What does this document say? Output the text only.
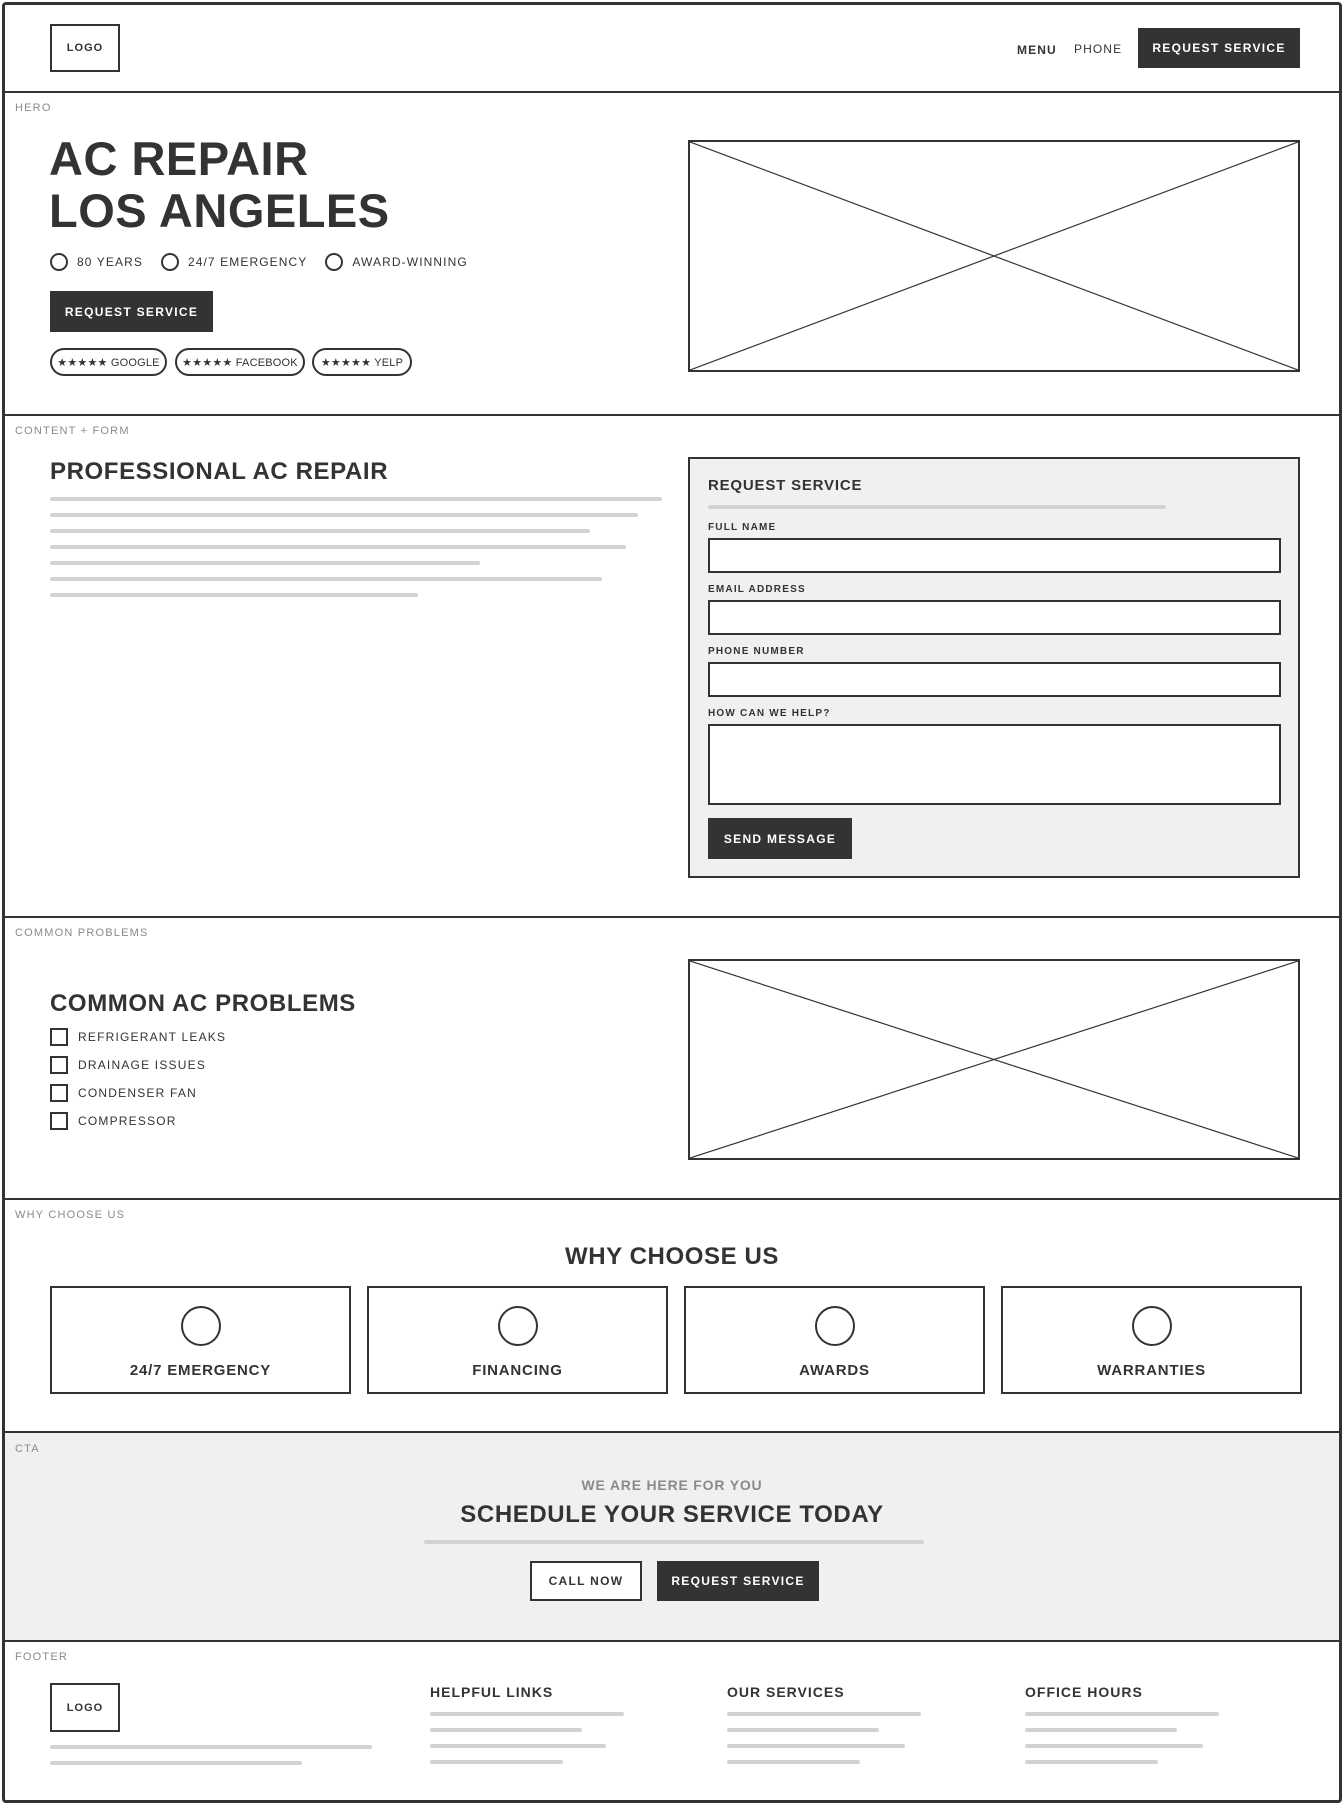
LOGO	MENU PHONE	REQUEST SERVICE
HERO
AC REPAIR
LOS ANGELES
80 YEARS	24/7 EMERGENCY	AWARD-WINNING
REQUEST SERVICE
★★★★★ GOOGLE	★★★★★ FACEBOOK	★★★★★ YELP
CONTENT + FORM
PROFESSIONAL AC REPAIR
REQUEST SERVICE
FULL NAME
EMAIL ADDRESS
PHONE NUMBER
HOW CAN WE HELP?
SEND MESSAGE
COMMON PROBLEMS
COMMON AC PROBLEMS
REFRIGERANT LEAKS
DRAINAGE ISSUES
CONDENSER FAN
COMPRESSOR
WHY CHOOSE US
WHY CHOOSE US
24/7 EMERGENCY	FINANCING	AWARDS	WARRANTIES
CTA
WE ARE HERE FOR YOU
SCHEDULE YOUR SERVICE TODAY
CALL NOW	REQUEST SERVICE
FOOTER
LOGO
HELPFUL LINKS	OUR SERVICES	OFFICE HOURS
